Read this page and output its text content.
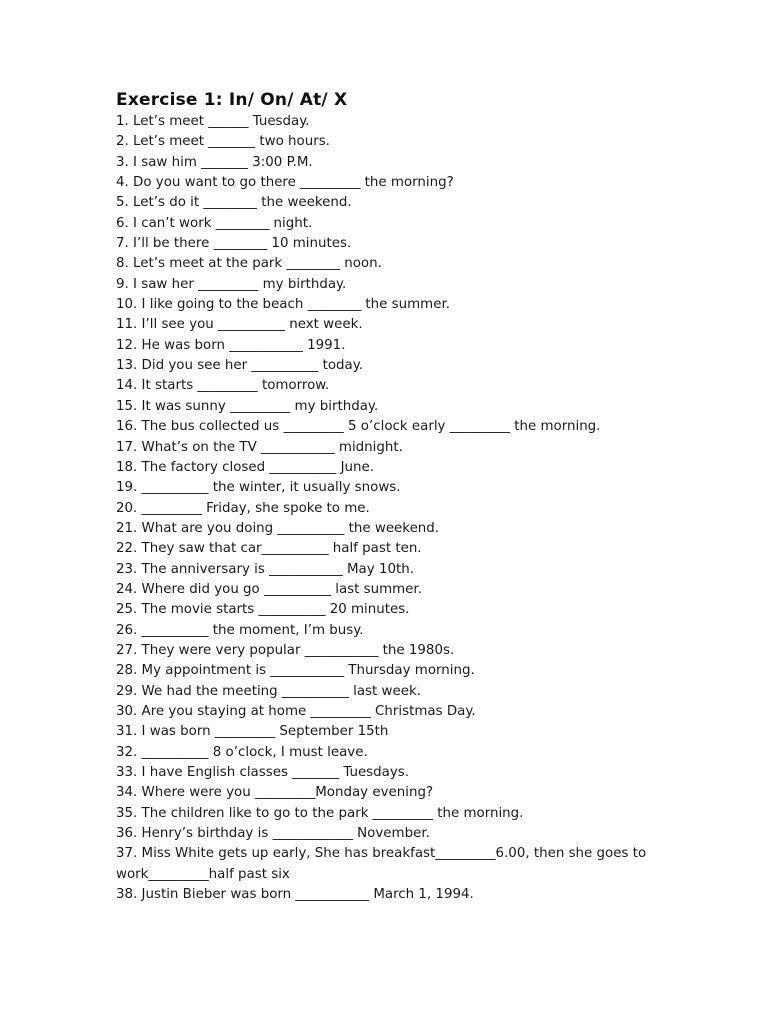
Exercise 1: In/ On/ At/ X
1. Let’s meet ______ Tuesday.
2. Let’s meet _______ two hours.
3. I saw him _______ 3:00 P.M.
4. Do you want to go there _________ the morning?
5. Let’s do it ________ the weekend.
6. I can’t work ________ night.
7. I’ll be there ________ 10 minutes.
8. Let’s meet at the park ________ noon.
9. I saw her _________ my birthday.
10. I like going to the beach ________ the summer.
11. I’ll see you __________ next week.
12. He was born ___________ 1991.
13. Did you see her __________ today.
14. It starts _________ tomorrow.
15. It was sunny _________ my birthday.
16. The bus collected us _________ 5 o’clock early _________ the morning.
17. What’s on the TV ___________ midnight.
18. The factory closed __________ June.
19. __________ the winter, it usually snows.
20. _________ Friday, she spoke to me.
21. What are you doing __________ the weekend.
22. They saw that car__________ half past ten.
23. The anniversary is ___________ May 10th.
24. Where did you go __________ last summer.
25. The movie starts __________ 20 minutes.
26. __________ the moment, I’m busy.
27. They were very popular ___________ the 1980s.
28. My appointment is ___________ Thursday morning.
29. We had the meeting __________ last week.
30. Are you staying at home _________ Christmas Day.
31. I was born _________ September 15th
32. __________ 8 o’clock, I must leave.
33. I have English classes _______ Tuesdays.
34. Where were you _________Monday evening?
35. The children like to go to the park _________ the morning.
36. Henry’s birthday is ____________ November.
37. Miss White gets up early, She has breakfast_________6.00, then she goes to work_________half past six
38. Justin Bieber was born ___________ March 1, 1994.
